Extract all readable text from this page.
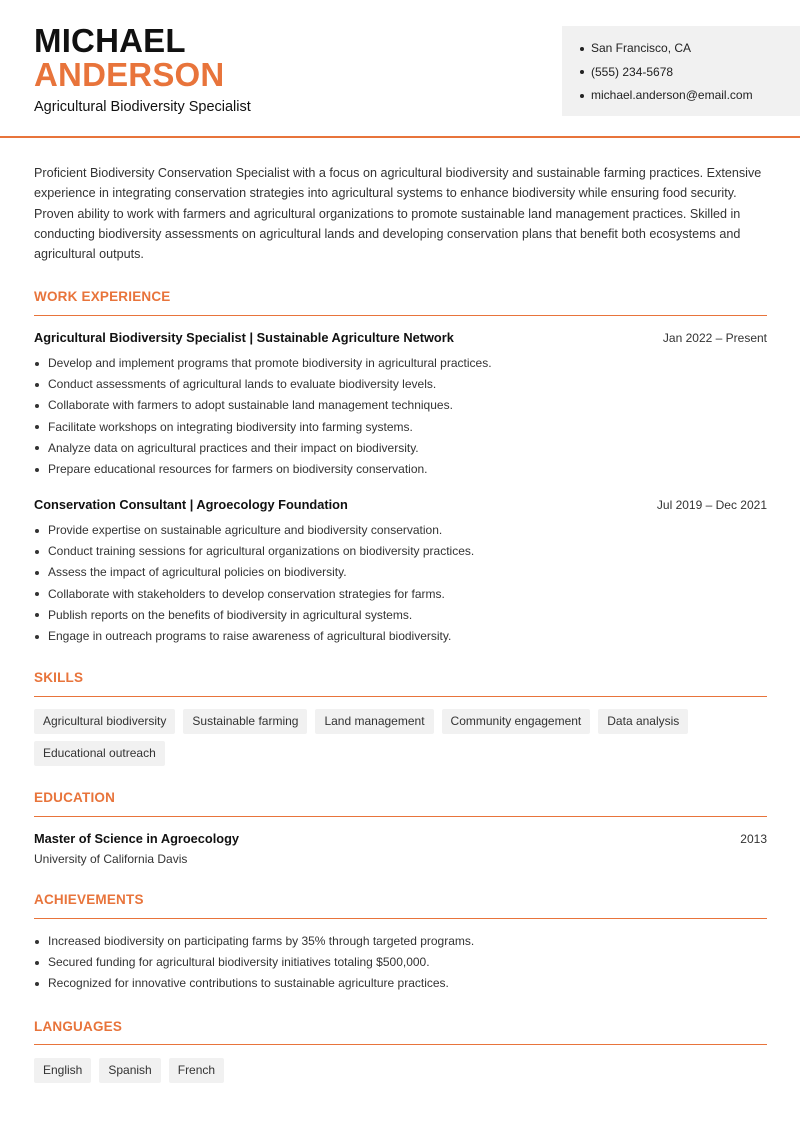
MICHAEL
ANDERSON
Agricultural Biodiversity Specialist
San Francisco, CA
(555) 234-5678
michael.anderson@email.com

Proficient Biodiversity Conservation Specialist with a focus on agricultural biodiversity and sustainable farming practices. Extensive experience in integrating conservation strategies into agricultural systems to enhance biodiversity while ensuring food security. Proven ability to work with farmers and agricultural organizations to promote sustainable land management practices. Skilled in conducting biodiversity assessments on agricultural lands and developing conservation plans that benefit both ecosystems and agricultural outputs.

WORK EXPERIENCE
Agricultural Biodiversity Specialist | Sustainable Agriculture Network	Jan 2022 – Present
Develop and implement programs that promote biodiversity in agricultural practices.
Conduct assessments of agricultural lands to evaluate biodiversity levels.
Collaborate with farmers to adopt sustainable land management techniques.
Facilitate workshops on integrating biodiversity into farming systems.
Analyze data on agricultural practices and their impact on biodiversity.
Prepare educational resources for farmers on biodiversity conservation.
Conservation Consultant | Agroecology Foundation	Jul 2019 – Dec 2021
Provide expertise on sustainable agriculture and biodiversity conservation.
Conduct training sessions for agricultural organizations on biodiversity practices.
Assess the impact of agricultural policies on biodiversity.
Collaborate with stakeholders to develop conservation strategies for farms.
Publish reports on the benefits of biodiversity in agricultural systems.
Engage in outreach programs to raise awareness of agricultural biodiversity.
SKILLS
Agricultural biodiversity	Sustainable farming	Land management	Community engagement	Data analysis
Educational outreach
EDUCATION
Master of Science in Agroecology	2013
University of California Davis
ACHIEVEMENTS
Increased biodiversity on participating farms by 35% through targeted programs.
Secured funding for agricultural biodiversity initiatives totaling $500,000.
Recognized for innovative contributions to sustainable agriculture practices.
LANGUAGES
English	Spanish	French
